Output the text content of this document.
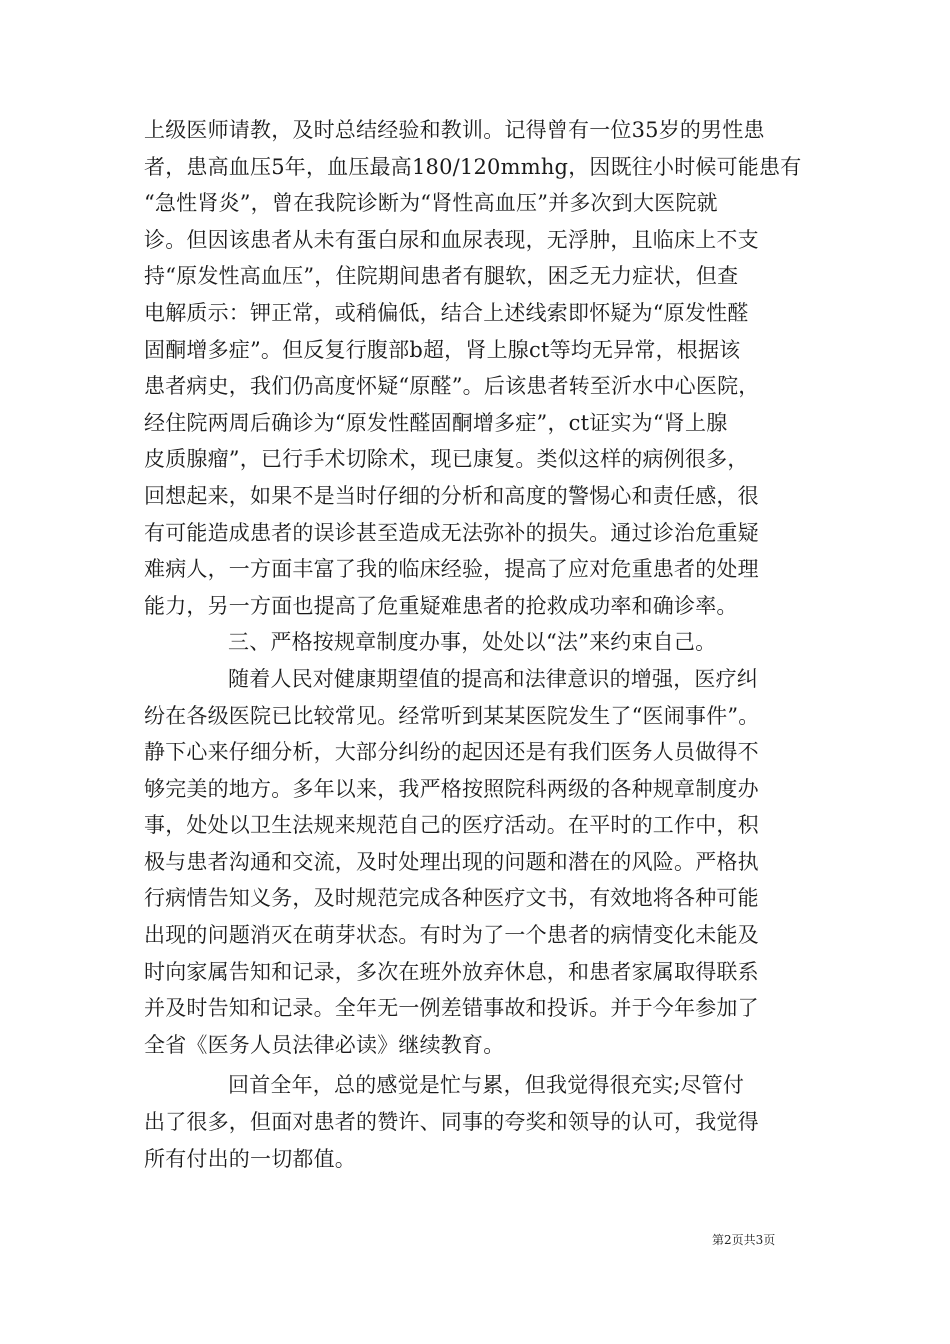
上级医师请教，及时总结经验和教训。记得曾有一位35岁的男性患
者，患高血压5年，血压最高180/120mmhg，因既往小时候可能患有
“急性肾炎”，曾在我院诊断为“肾性高血压”并多次到大医院就
诊。但因该患者从未有蛋白尿和血尿表现，无浮肿，且临床上不支
持“原发性高血压”，住院期间患者有腿软，困乏无力症状，但查
电解质示：钾正常，或稍偏低，结合上述线索即怀疑为“原发性醛
固酮增多症”。但反复行腹部b超，肾上腺ct等均无异常，根据该
患者病史，我们仍高度怀疑“原醛”。后该患者转至沂水中心医院，
经住院两周后确诊为“原发性醛固酮增多症”，ct证实为“肾上腺
皮质腺瘤”，已行手术切除术，现已康复。类似这样的病例很多，
回想起来，如果不是当时仔细的分析和高度的警惕心和责任感，很
有可能造成患者的误诊甚至造成无法弥补的损失。通过诊治危重疑
难病人，一方面丰富了我的临床经验，提高了应对危重患者的处理
能力，另一方面也提高了危重疑难患者的抢救成功率和确诊率。
三、严格按规章制度办事，处处以“法”来约束自己。
随着人民对健康期望值的提高和法律意识的增强，医疗纠
纷在各级医院已比较常见。经常听到某某医院发生了“医闹事件”。
静下心来仔细分析，大部分纠纷的起因还是有我们医务人员做得不
够完美的地方。多年以来，我严格按照院科两级的各种规章制度办
事，处处以卫生法规来规范自己的医疗活动。在平时的工作中，积
极与患者沟通和交流，及时处理出现的问题和潜在的风险。严格执
行病情告知义务，及时规范完成各种医疗文书，有效地将各种可能
出现的问题消灭在萌芽状态。有时为了一个患者的病情变化未能及
时向家属告知和记录，多次在班外放弃休息，和患者家属取得联系
并及时告知和记录。全年无一例差错事故和投诉。并于今年参加了
全省《医务人员法律必读》继续教育。
回首全年，总的感觉是忙与累，但我觉得很充实;尽管付
出了很多，但面对患者的赞许、同事的夸奖和领导的认可，我觉得
所有付出的一切都值。
第2页共3页
